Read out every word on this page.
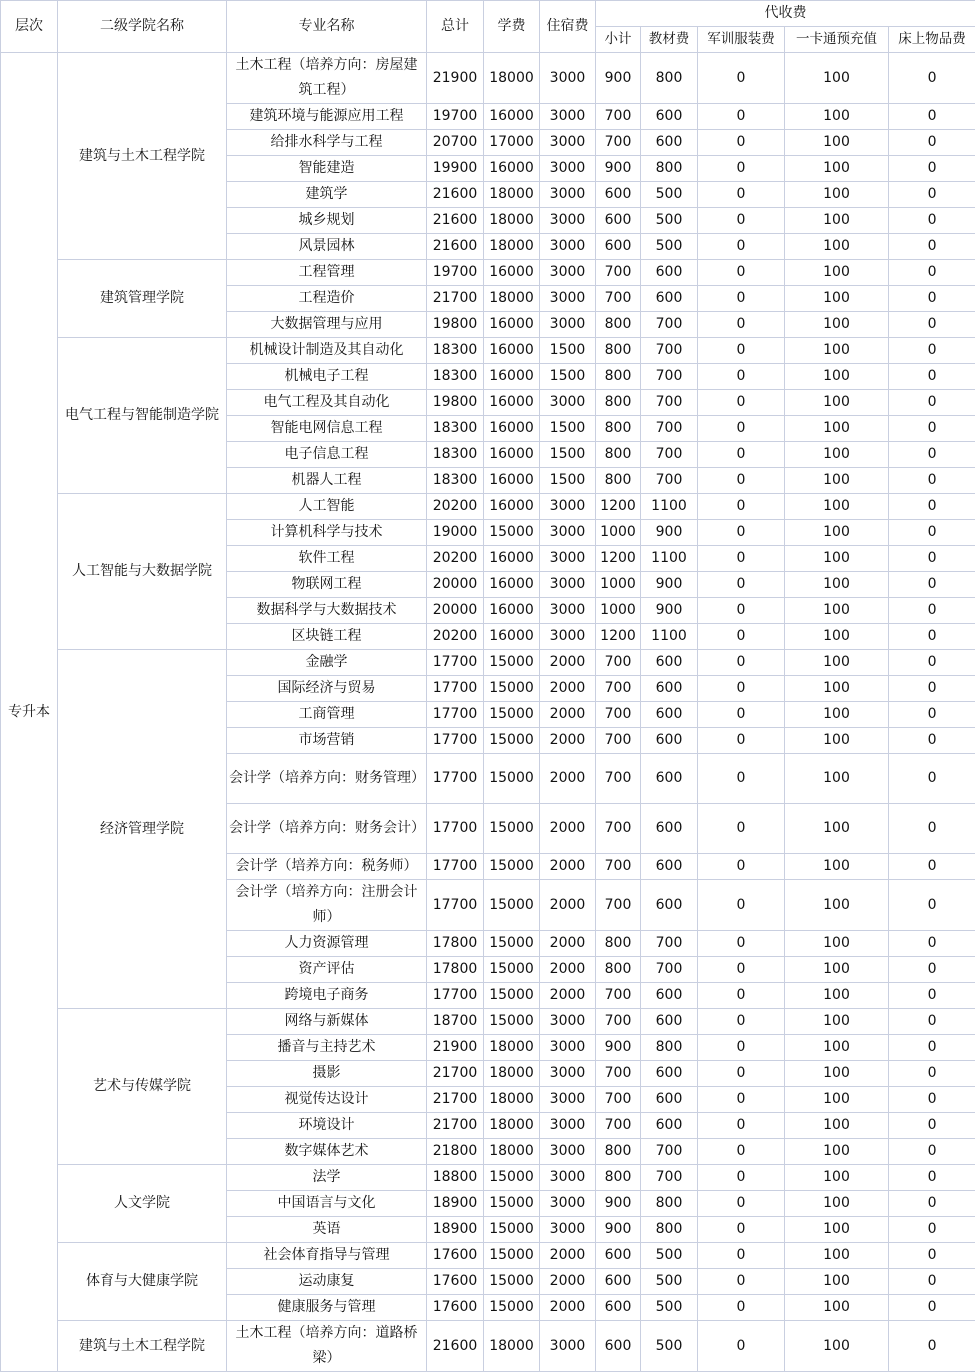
层次	二级学院名称	专业名称	总计	学费	住宿费	代收费				
						小计	教材费	军训服装费	一卡通预充值	床上物品费
专升本	建筑与土木工程学院	土木工程（培养方向：房屋建筑工程）	21900	18000	3000	900	800	0	100	0
		建筑环境与能源应用工程	19700	16000	3000	700	600	0	100	0
		给排水科学与工程	20700	17000	3000	700	600	0	100	0
		智能建造	19900	16000	3000	900	800	0	100	0
		建筑学	21600	18000	3000	600	500	0	100	0
		城乡规划	21600	18000	3000	600	500	0	100	0
		风景园林	21600	18000	3000	600	500	0	100	0
	建筑管理学院	工程管理	19700	16000	3000	700	600	0	100	0
		工程造价	21700	18000	3000	700	600	0	100	0
		大数据管理与应用	19800	16000	3000	800	700	0	100	0
	电气工程与智能制造学院	机械设计制造及其自动化	18300	16000	1500	800	700	0	100	0
		机械电子工程	18300	16000	1500	800	700	0	100	0
		电气工程及其自动化	19800	16000	3000	800	700	0	100	0
		智能电网信息工程	18300	16000	1500	800	700	0	100	0
		电子信息工程	18300	16000	1500	800	700	0	100	0
		机器人工程	18300	16000	1500	800	700	0	100	0
	人工智能与大数据学院	人工智能	20200	16000	3000	1200	1100	0	100	0
		计算机科学与技术	19000	15000	3000	1000	900	0	100	0
		软件工程	20200	16000	3000	1200	1100	0	100	0
		物联网工程	20000	16000	3000	1000	900	0	100	0
		数据科学与大数据技术	20000	16000	3000	1000	900	0	100	0
		区块链工程	20200	16000	3000	1200	1100	0	100	0
	经济管理学院	金融学	17700	15000	2000	700	600	0	100	0
		国际经济与贸易	17700	15000	2000	700	600	0	100	0
		工商管理	17700	15000	2000	700	600	0	100	0
		市场营销	17700	15000	2000	700	600	0	100	0
		会计学（培养方向：财务管理）	17700	15000	2000	700	600	0	100	0
		会计学（培养方向：财务会计）	17700	15000	2000	700	600	0	100	0
		会计学（培养方向：税务师）	17700	15000	2000	700	600	0	100	0
		会计学（培养方向：注册会计师）	17700	15000	2000	700	600	0	100	0
		人力资源管理	17800	15000	2000	800	700	0	100	0
		资产评估	17800	15000	2000	800	700	0	100	0
		跨境电子商务	17700	15000	2000	700	600	0	100	0
	艺术与传媒学院	网络与新媒体	18700	15000	3000	700	600	0	100	0
		播音与主持艺术	21900	18000	3000	900	800	0	100	0
		摄影	21700	18000	3000	700	600	0	100	0
		视觉传达设计	21700	18000	3000	700	600	0	100	0
		环境设计	21700	18000	3000	700	600	0	100	0
		数字媒体艺术	21800	18000	3000	800	700	0	100	0
	人文学院	法学	18800	15000	3000	800	700	0	100	0
		中国语言与文化	18900	15000	3000	900	800	0	100	0
		英语	18900	15000	3000	900	800	0	100	0
	体育与大健康学院	社会体育指导与管理	17600	15000	2000	600	500	0	100	0
		运动康复	17600	15000	2000	600	500	0	100	0
		健康服务与管理	17600	15000	2000	600	500	0	100	0
	建筑与土木工程学院	土木工程（培养方向：道路桥梁）	21600	18000	3000	600	500	0	100	0
